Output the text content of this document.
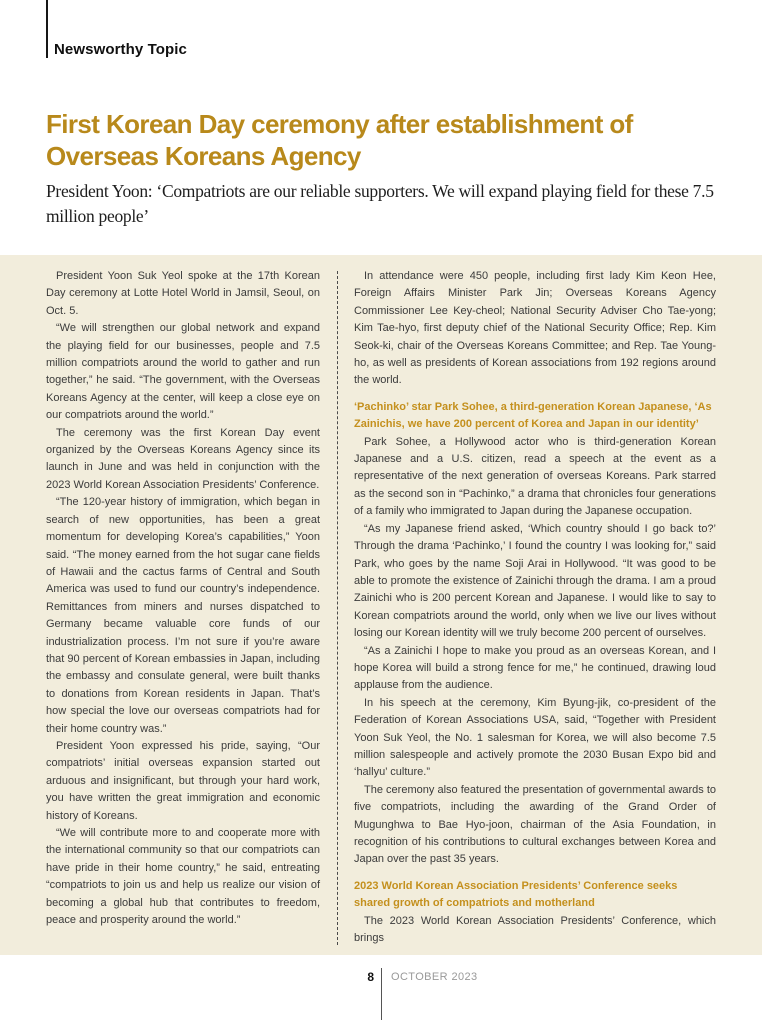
Newsworthy Topic
First Korean Day ceremony after establishment of
Overseas Koreans Agency

President Yoon: ‘Compatriots are our reliable supporters. We will expand playing field for these 7.5 million people’

President Yoon Suk Yeol spoke at the 17th Korean Day ceremony at Lotte Hotel World in Jamsil, Seoul, on Oct. 5.

“We will strengthen our global network and expand the playing field for our businesses, people and 7.5 million compatriots around the world to gather and run together,” he said. “The government, with the Overseas Koreans Agency at the center, will keep a close eye on our compatriots around the world.”

The ceremony was the first Korean Day event organized by the Overseas Koreans Agency since its launch in June and was held in conjunction with the 2023 World Korean Association Presidents’ Conference.

“The 120-year history of immigration, which began in search of new opportunities, has been a great momentum for developing Korea’s capabilities,” Yoon said. “The money earned from the hot sugar cane fields of Hawaii and the cactus farms of Central and South America was used to fund our country’s independence. Remittances from miners and nurses dispatched to Germany became valuable core funds of our industrialization process. I’m not sure if you’re aware that 90 percent of Korean embassies in Japan, including the embassy and consulate general, were built thanks to donations from Korean residents in Japan. That’s how special the love our overseas compatriots had for their home country was.”

President Yoon expressed his pride, saying, “Our compatriots’ initial overseas expansion started out arduous and insignificant, but through your hard work, you have written the great immigration and economic history of Koreans.

“We will contribute more to and cooperate more with the international community so that our compatriots can have pride in their home country,” he said, entreating “compatriots to join us and help us realize our vision of becoming a global hub that contributes to freedom, peace and prosperity around the world.”

In attendance were 450 people, including first lady Kim Keon Hee, Foreign Affairs Minister Park Jin; Overseas Koreans Agency Commissioner Lee Key-cheol; National Security Adviser Cho Tae-yong; Kim Tae-hyo, first deputy chief of the National Security Office; Rep. Kim Seok-ki, chair of the Overseas Koreans Committee; and Rep. Tae Young-ho, as well as presidents of Korean associations from 192 regions around the world.

‘Pachinko’ star Park Sohee, a third-generation Korean Japanese, ‘As Zainichis, we have 200 percent of Korea and Japan in our identity’

Park Sohee, a Hollywood actor who is third-generation Korean Japanese and a U.S. citizen, read a speech at the event as a representative of the next generation of overseas Koreans. Park starred as the second son in “Pachinko,” a drama that chronicles four generations of a family who immigrated to Japan during the Japanese occupation.

“As my Japanese friend asked, ‘Which country should I go back to?’ Through the drama ‘Pachinko,’ I found the country I was looking for,” said Park, who goes by the name Soji Arai in Hollywood. “It was good to be able to promote the existence of Zainichi through the drama. I am a proud Zainichi who is 200 percent Korean and Japanese. I would like to say to Korean compatriots around the world, only when we live our lives without losing our Korean identity will we truly become 200 percent of ourselves.

“As a Zainichi I hope to make you proud as an overseas Korean, and I hope Korea will build a strong fence for me,” he continued, drawing loud applause from the audience.

In his speech at the ceremony, Kim Byung-jik, co-president of the Federation of Korean Associations USA, said, “Together with President Yoon Suk Yeol, the No. 1 salesman for Korea, we will also become 7.5 million salespeople and actively promote the 2030 Busan Expo bid and ‘hallyu’ culture.”

The ceremony also featured the presentation of governmental awards to five compatriots, including the awarding of the Grand Order of Mugunghwa to Bae Hyo-joon, chairman of the Asia Foundation, in recognition of his contributions to cultural exchanges between Korea and Japan over the past 35 years.

2023 World Korean Association Presidents’ Conference seeks shared growth of compatriots and motherland

The 2023 World Korean Association Presidents’ Conference, which brings

8 OCTOBER 2023
